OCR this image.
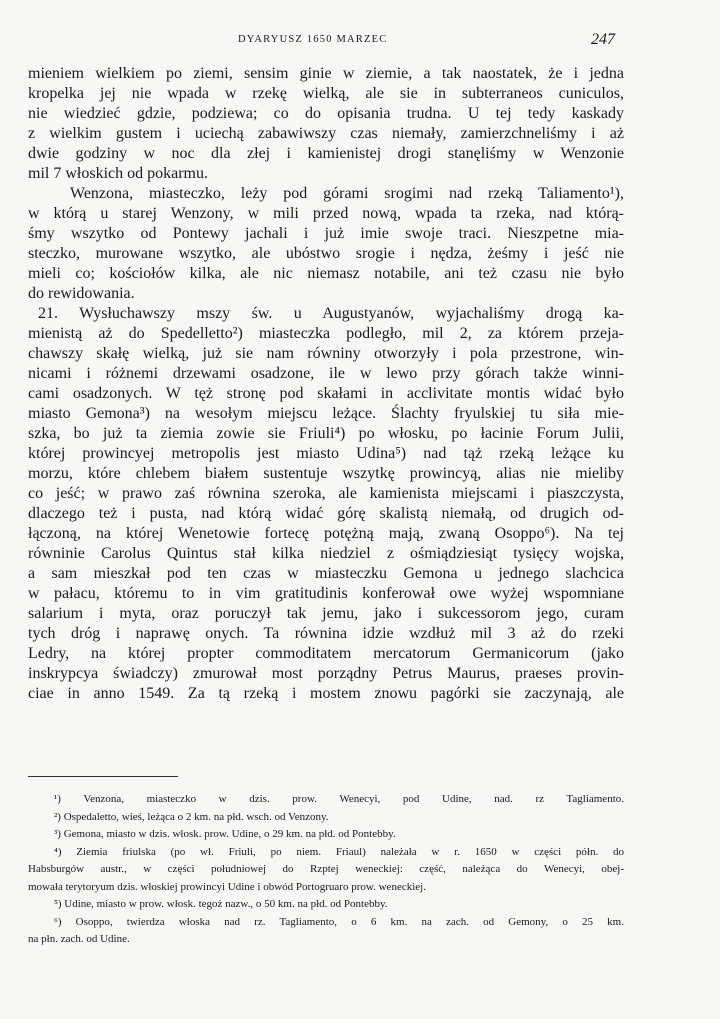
DYARYUSZ 1650 MARZEC	247
mieniem wielkiem po ziemi, sensim ginie w ziemie, a tak naostatek, że i jedna
kropelka jej nie wpada w rzekę wielką, ale sie in subterraneos cuniculos,
nie wiedzieć gdzie, podziewa; co do opisania trudna. U tej tedy kaskady
z wielkim gustem i uciechą zabawiwszy czas niemały, zamierzchneliśmy i aż
dwie godziny w noc dla złej i kamienistej drogi stanęliśmy w Wenzonie
mil 7 włoskich od pokarmu.
Wenzona, miasteczko, leży pod górami srogimi nad rzeką Taliamento¹),
w którą u starej Wenzony, w mili przed nową, wpada ta rzeka, nad którą-
śmy wszytko od Pontewy jachali i już imie swoje traci. Nieszpetne mia-
steczko, murowane wszytko, ale ubóstwo srogie i nędza, żeśmy i jeść nie
mieli co; kościołów kilka, ale nic niemasz notabile, ani też czasu nie było
do rewidowania.
21. Wysłuchawszy mszy św. u Augustyanów, wyjachaliśmy drogą ka-
mienistą aż do Spedelletto²) miasteczka podległo, mil 2, za którem przeja-
chawszy skałę wielką, już sie nam równiny otworzyły i pola przestrone, win-
nicami i różnemi drzewami osadzone, ile w lewo przy górach także winni-
cami osadzonych. W tęż stronę pod skałami in acclivitate montis widać było
miasto Gemona³) na wesołym miejscu leżące. Ślachty fryulskiej tu siła mie-
szka, bo już ta ziemia zowie sie Friuli⁴) po włosku, po łacinie Forum Julii,
której prowincyej metropolis jest miasto Udina⁵) nad tąż rzeką leżące ku
morzu, które chlebem białem sustentuje wszytkę prowincyą, alias nie mieliby
co jeść; w prawo zaś równina szeroka, ale kamienista miejscami i piaszczysta,
dlaczego też i pusta, nad którą widać górę skalistą niemałą, od drugich od-
łączoną, na której Wenetowie fortecę potężną mają, zwaną Osoppo⁶). Na tej
równinie Carolus Quintus stał kilka niedziel z ośmiądziesiąt tysięcy wojska,
a sam mieszkał pod ten czas w miasteczku Gemona u jednego slachcica
w pałacu, któremu to in vim gratitudinis konferował owe wyżej wspomniane
salarium i myta, oraz poruczył tak jemu, jako i sukcessorom jego, curam
tych dróg i naprawę onych. Ta równina idzie wzdłuż mil 3 aż do rzeki
Ledry, na której propter commoditatem mercatorum Germanicorum (jako
inskrypcya świadczy) zmurował most porządny Petrus Maurus, praeses provin-
ciae in anno 1549. Za tą rzeką i mostem znowu pagórki sie zaczynają, ale
¹) Venzona, miasteczko w dzis. prow. Wenecyi, pod Udine, nad. rz Tagliamento.
²) Ospedaletto, wieś, leżąca o 2 km. na płd. wsch. od Venzony.
³) Gemona, miasto w dzis. włosk. prow. Udine, o 29 km. na płd. od Pontebby.
⁴) Ziemia friulska (po wł. Friuli, po niem. Friaul) należała w r. 1650 w części półn. do
Habsburgów austr., w części południowej do Rzptej weneckiej: część, należąca do Wenecyi, obej-
mowała terytoryum dzis. włoskiej prowincyi Udine i obwód Portogruaro prow. weneckiej.
⁵) Udine, miasto w prow. włosk. tegoż nazw., o 50 km. na płd. od Pontebby.
⁶) Osoppo, twierdza włoska nad rz. Tagliamento, o 6 km. na zach. od Gemony, o 25 km.
na płn. zach. od Udine.
